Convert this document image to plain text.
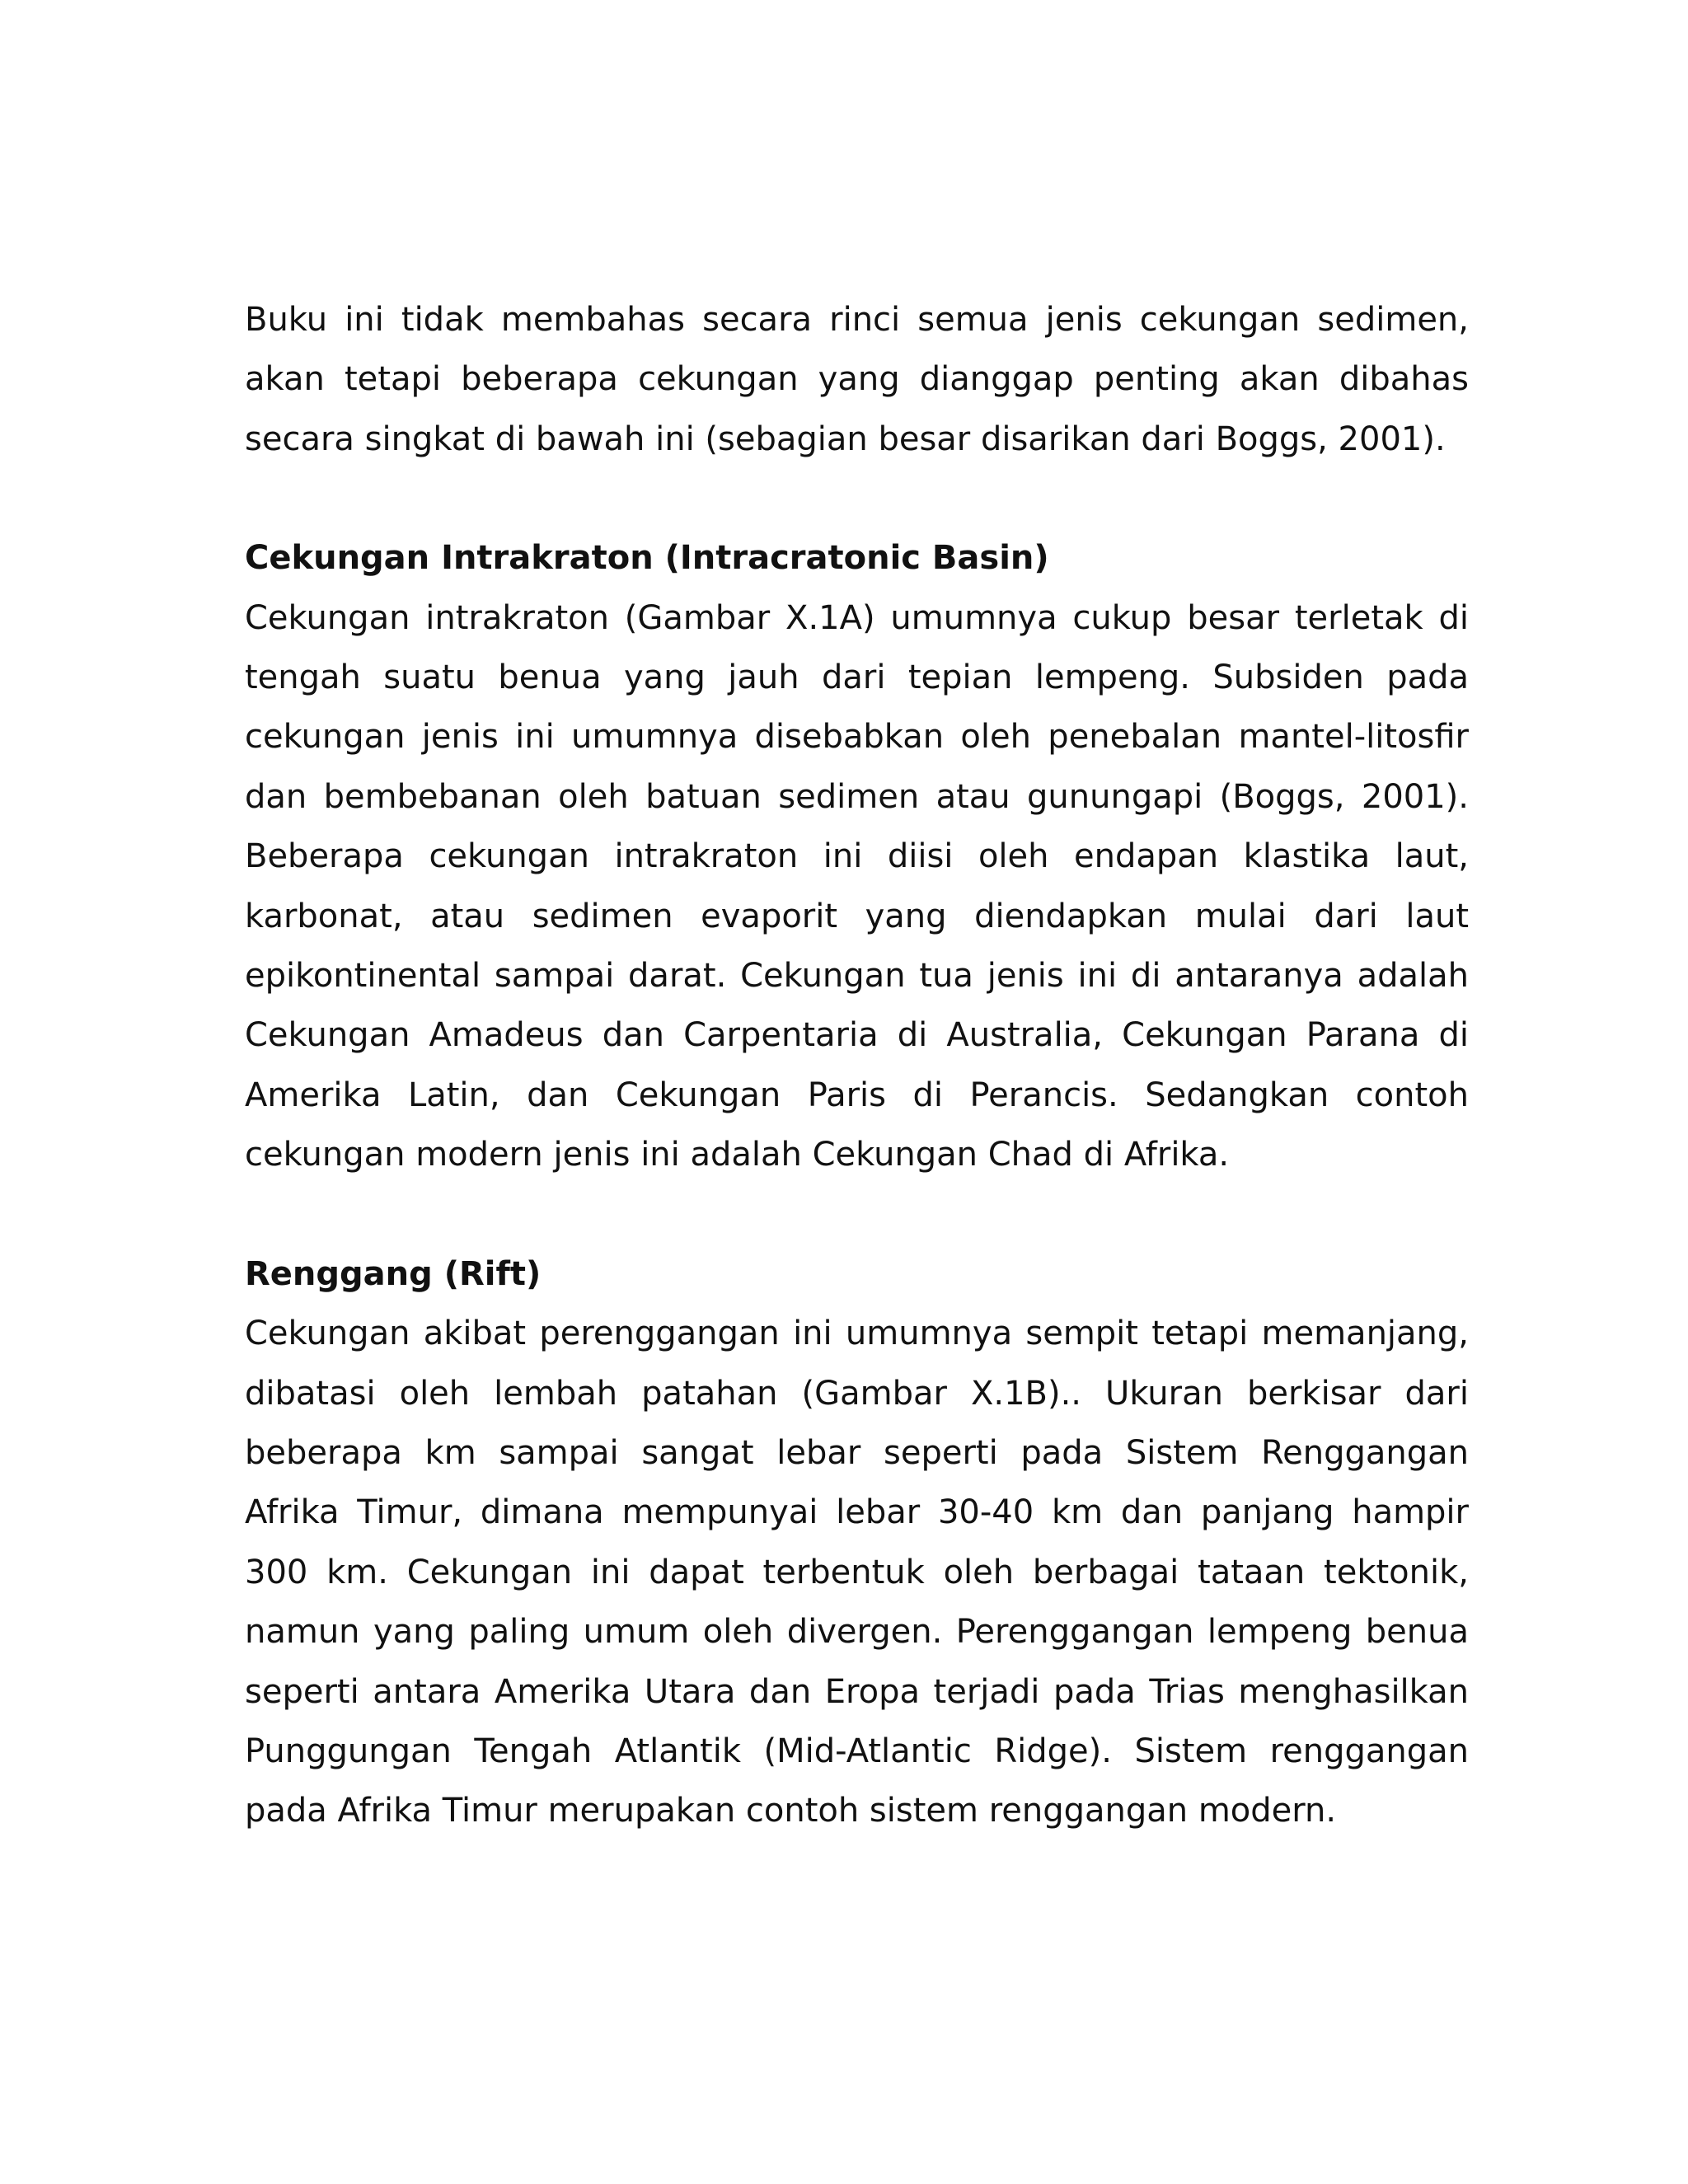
Buku ini tidak membahas secara rinci semua jenis cekungan sedimen, akan tetapi beberapa cekungan yang dianggap penting akan dibahas secara singkat di bawah ini (sebagian besar disarikan dari Boggs, 2001).

Cekungan Intrakraton (Intracratonic Basin)

Cekungan intrakraton (Gambar X.1A) umumnya cukup besar terletak di tengah suatu benua yang jauh dari tepian lempeng. Subsiden pada cekungan jenis ini umumnya disebabkan oleh penebalan mantel-litosfir dan bembebanan oleh batuan sedimen atau gunungapi (Boggs, 2001). Beberapa cekungan intrakraton ini diisi oleh endapan klastika laut, karbonat, atau sedimen evaporit yang diendapkan mulai dari laut epikontinental sampai darat. Cekungan tua jenis ini di antaranya adalah Cekungan Amadeus dan Carpentaria di Australia, Cekungan Parana di Amerika Latin, dan Cekungan Paris di Perancis. Sedangkan contoh cekungan modern jenis ini adalah Cekungan Chad di Afrika.

Renggang (Rift)

Cekungan akibat perenggangan ini umumnya sempit tetapi memanjang, dibatasi oleh lembah patahan (Gambar X.1B).. Ukuran berkisar dari beberapa km sampai sangat lebar seperti pada Sistem Renggangan Afrika Timur, dimana mempunyai lebar 30-40 km dan panjang hampir 300 km. Cekungan ini dapat terbentuk oleh berbagai tataan tektonik, namun yang paling umum oleh divergen. Perenggangan lempeng benua seperti antara Amerika Utara dan Eropa terjadi pada Trias menghasilkan Punggungan Tengah Atlantik (Mid-Atlantic Ridge). Sistem renggangan pada Afrika Timur merupakan contoh sistem renggangan modern.
